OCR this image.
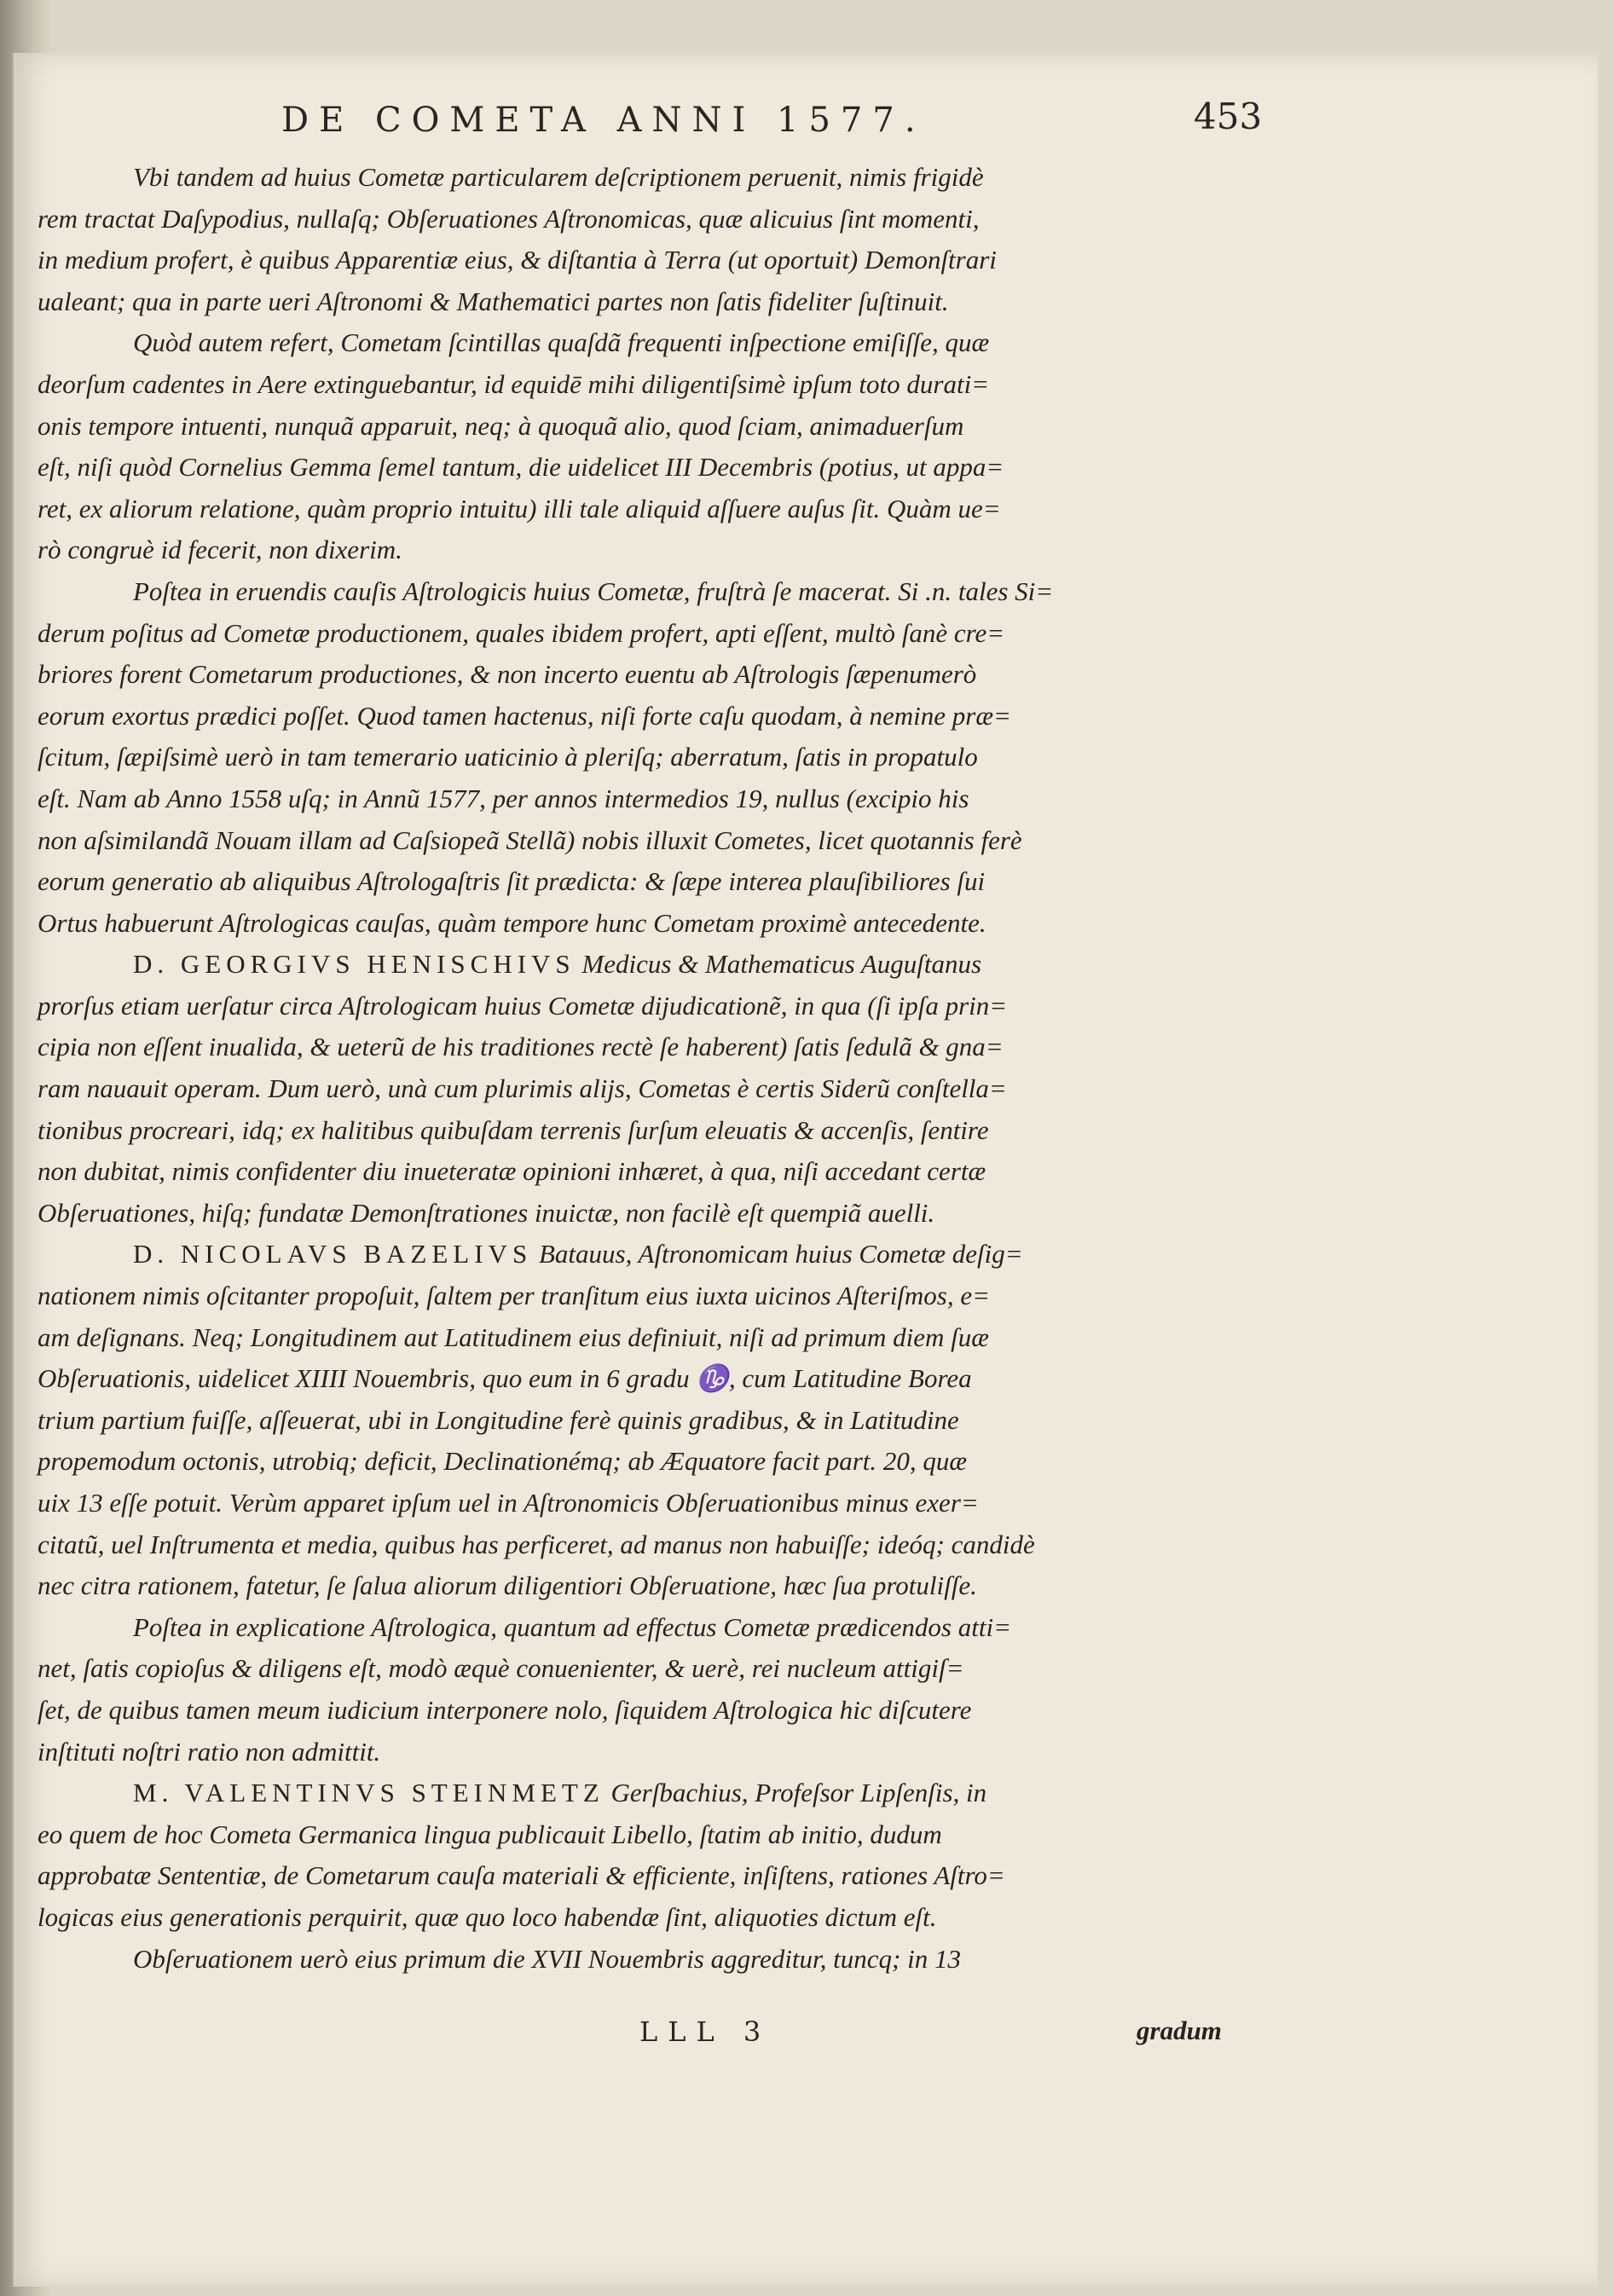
DE COMETA ANNI 1577.	453
Vbi tandem ad huius Cometæ particularem deſcriptionem peruenit, nimis frigidè
rem tractat Daſypodius, nullaſq; Obſeruationes Aſtronomicas, quæ alicuius ſint momenti,
in medium profert, è quibus Apparentiæ eius, & diſtantia à Terra (ut oportuit) Demonſtrari
ualeant; qua in parte ueri Aſtronomi & Mathematici partes non ſatis fideliter ſuſtinuit.
Quòd autem refert, Cometam ſcintillas quaſdã frequenti inſpectione emiſiſſe, quæ
deorſum cadentes in Aere extinguebantur, id equidē mihi diligentiſsimè ipſum toto durati=
onis tempore intuenti, nunquã apparuit, neq; à quoquã alio, quod ſciam, animaduerſum
eſt, niſi quòd Cornelius Gemma ſemel tantum, die uidelicet III Decembris (potius, ut appa=
ret, ex aliorum relatione, quàm proprio intuitu) illi tale aliquid aſſuere auſus ſit. Quàm ue=
rò congruè id fecerit, non dixerim.
Poſtea in eruendis cauſis Aſtrologicis huius Cometæ, fruſtrà ſe macerat. Si .n. tales Si=
derum poſitus ad Cometæ productionem, quales ibidem profert, apti eſſent, multò ſanè cre=
briores forent Cometarum productiones, & non incerto euentu ab Aſtrologis ſæpenumerò
eorum exortus prædici poſſet. Quod tamen hactenus, niſi forte caſu quodam, à nemine præ=
ſcitum, ſæpiſsimè uerò in tam temerario uaticinio à pleriſq; aberratum, ſatis in propatulo
eſt. Nam ab Anno 1558 uſq; in Annũ 1577, per annos intermedios 19, nullus (excipio his
non aſsimilandã Nouam illam ad Caſsiopeã Stellã) nobis illuxit Cometes, licet quotannis ferè
eorum generatio ab aliquibus Aſtrologaſtris ſit prædicta: & ſæpe interea plauſibiliores ſui
Ortus habuerunt Aſtrologicas cauſas, quàm tempore hunc Cometam proximè antecedente.
D. GEORGIVS HENISCHIVS Medicus & Mathematicus Auguſtanus
prorſus etiam uerſatur circa Aſtrologicam huius Cometæ dijudicationẽ, in qua (ſi ipſa prin=
cipia non eſſent inualida, & ueterũ de his traditiones rectè ſe haberent) ſatis ſedulã & gna=
ram nauauit operam. Dum uerò, unà cum plurimis alijs, Cometas è certis Siderũ conſtella=
tionibus procreari, idq; ex halitibus quibuſdam terrenis ſurſum eleuatis & accenſis, ſentire
non dubitat, nimis confidenter diu inueteratæ opinioni inhæret, à qua, niſi accedant certæ
Obſeruationes, hiſq; fundatæ Demonſtrationes inuictæ, non facilè eſt quempiã auelli.
D. NICOLAVS BAZELIVS Batauus, Aſtronomicam huius Cometæ deſig=
nationem nimis oſcitanter propoſuit, ſaltem per tranſitum eius iuxta uicinos Aſteriſmos, e=
am deſignans. Neq; Longitudinem aut Latitudinem eius definiuit, niſi ad primum diem ſuæ
Obſeruationis, uidelicet XIIII Nouembris, quo eum in 6 gradu ♑, cum Latitudine Borea
trium partium fuiſſe, aſſeuerat, ubi in Longitudine ferè quinis gradibus, & in Latitudine
propemodum octonis, utrobiq; deficit, Declinationémq; ab Æquatore facit part. 20, quæ
uix 13 eſſe potuit. Verùm apparet ipſum uel in Aſtronomicis Obſeruationibus minus exer=
citatũ, uel Inſtrumenta et media, quibus has perficeret, ad manus non habuiſſe; ideóq; candidè
nec citra rationem, fatetur, ſe ſalua aliorum diligentiori Obſeruatione, hæc ſua protuliſſe.
Poſtea in explicatione Aſtrologica, quantum ad effectus Cometæ prædicendos atti=
net, ſatis copioſus & diligens eſt, modò æquè conuenienter, & uerè, rei nucleum attigiſ=
ſet, de quibus tamen meum iudicium interponere nolo, ſiquidem Aſtrologica hic diſcutere
inſtituti noſtri ratio non admittit.
M. VALENTINVS STEINMETZ Gerſbachius, Profeſsor Lipſenſis, in
eo quem de hoc Cometa Germanica lingua publicauit Libello, ſtatim ab initio, dudum
approbatæ Sententiæ, de Cometarum cauſa materiali & efficiente, inſiſtens, rationes Aſtro=
logicas eius generationis perquirit, quæ quo loco habendæ ſint, aliquoties dictum eſt.
Obſeruationem uerò eius primum die XVII Nouembris aggreditur, tuncq; in 13
LLL 3	gradum
